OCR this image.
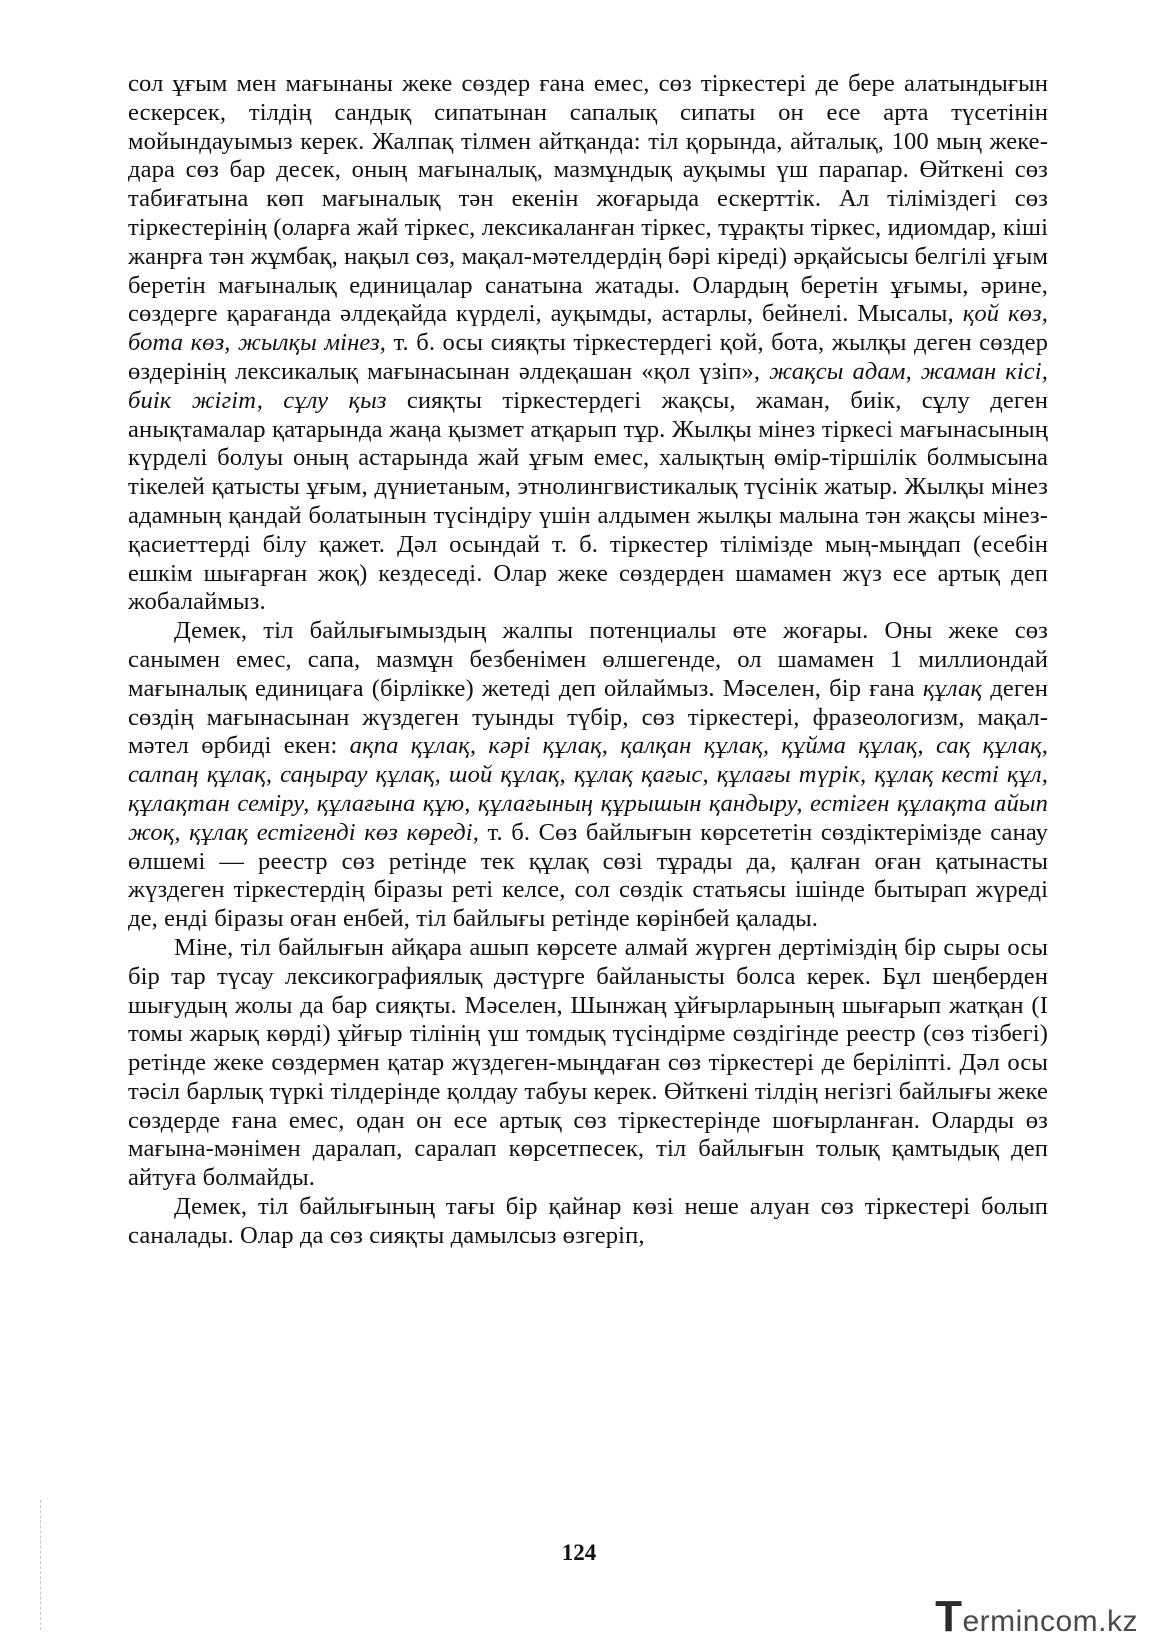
сол ұғым мен мағынаны жеке сөздер ғана емес, сөз тіркестері де бере алатындығын ескерсек, тілдің сандық сипатынан сапалық сипаты он есе арта түсетінін мойындауымыз керек. Жалпақ тілмен айтқанда: тіл қорында, айталық, 100 мың жеке-дара сөз бар десек, оның мағыналық, мазмұндық ауқымы үш парапар. Өйткені сөз табиғатына көп мағыналық тән екенін жоғарыда ескерттік. Ал тіліміздегі сөз тіркестерінің (оларға жай тіркес, лексикаланған тіркес, тұрақты тіркес, идиомдар, кіші жанрға тән жұмбақ, нақыл сөз, мақал-мәтелдердің бәрі кіреді) әрқайсысы белгілі ұғым беретін мағыналық единицалар санатына жатады. Олардың беретін ұғымы, әрине, сөздерге қарағанда әлдеқайда күрделі, ауқымды, астарлы, бейнелі. Мысалы, қой көз, бота көз, жылқы мінез, т. б. осы сияқты тіркестердегі қой, бота, жылқы деген сөздер өздерінің лексикалық мағынасынан әлдеқашан «қол үзіп», жақсы адам, жаман кісі, биік жігіт, сұлу қыз сияқты тіркестердегі жақсы, жаман, биік, сұлу деген анықтамалар қатарында жаңа қызмет атқарып тұр. Жылқы мінез тіркесі мағынасының күрделі болуы оның астарында жай ұғым емес, халықтың өмір-тіршілік болмысына тікелей қатысты ұғым, дүниетаным, этнолингвистикалық түсінік жатыр. Жылқы мінез адамның қандай болатынын түсіндіру үшін алдымен жылқы малына тән жақсы мінез-қасиеттерді білу қажет. Дәл осындай т. б. тіркестер тілімізде мың-мыңдап (есебін ешкім шығарған жоқ) кездеседі. Олар жеке сөздерден шамамен жүз есе артық деп жобалаймыз.

Демек, тіл байлығымыздың жалпы потенциалы өте жоғары. Оны жеке сөз санымен емес, сапа, мазмұн безбенімен өлшегенде, ол шамамен 1 миллиондай мағыналық единицаға (бірлікке) жетеді деп ойлаймыз. Мәселен, бір ғана құлақ деген сөздің мағынасынан жүздеген туынды түбір, сөз тіркестері, фразеологизм, мақал-мәтел өрбиді екен: ақпа құлақ, кәрі құлақ, қалқан құлақ, құйма құлақ, сақ құлақ, салпаң құлақ, саңырау құлақ, шой құлақ, құлақ қағыс, құлағы түрік, құлақ кесті құл, құлақтан семіру, құлағына құю, құлағының құрышын қандыру, естіген құлақта айып жоқ, құлақ естігенді көз көреді, т. б. Сөз байлығын көрсететін сөздіктерімізде санау өлшемі — реестр сөз ретінде тек құлақ сөзі тұрады да, қалған оған қатынасты жүздеген тіркестердің біразы реті келсе, сол сөздік статьясы ішінде бытырап жүреді де, енді біразы оған енбей, тіл байлығы ретінде көрінбей қалады.

Міне, тіл байлығын айқара ашып көрсете алмай жүрген дертіміздің бір сыры осы бір тар түсау лексикографиялық дәстүрге байланысты болса керек. Бұл шеңберден шығудың жолы да бар сияқты. Мәселен, Шынжаң ұйғырларының шығарып жатқан (І томы жарық көрді) ұйғыр тілінің үш томдық түсіндірме сөздігінде реестр (сөз тізбегі) ретінде жеке сөздермен қатар жүздеген-мыңдаған сөз тіркестері де беріліпті. Дәл осы тәсіл барлық түркі тілдерінде қолдау табуы керек. Өйткені тілдің негізгі байлығы жеке сөздерде ғана емес, одан он есе артық сөз тіркестерінде шоғырланған. Оларды өз мағына-мәнімен даралап, саралап көрсетпесек, тіл байлығын толық қамтыдық деп айтуға болмайды.

Демек, тіл байлығының тағы бір қайнар көзі неше алуан сөз тіркестері болып саналады. Олар да сөз сияқты дамылсыз өзгеріп,

124
Termincom.kz
